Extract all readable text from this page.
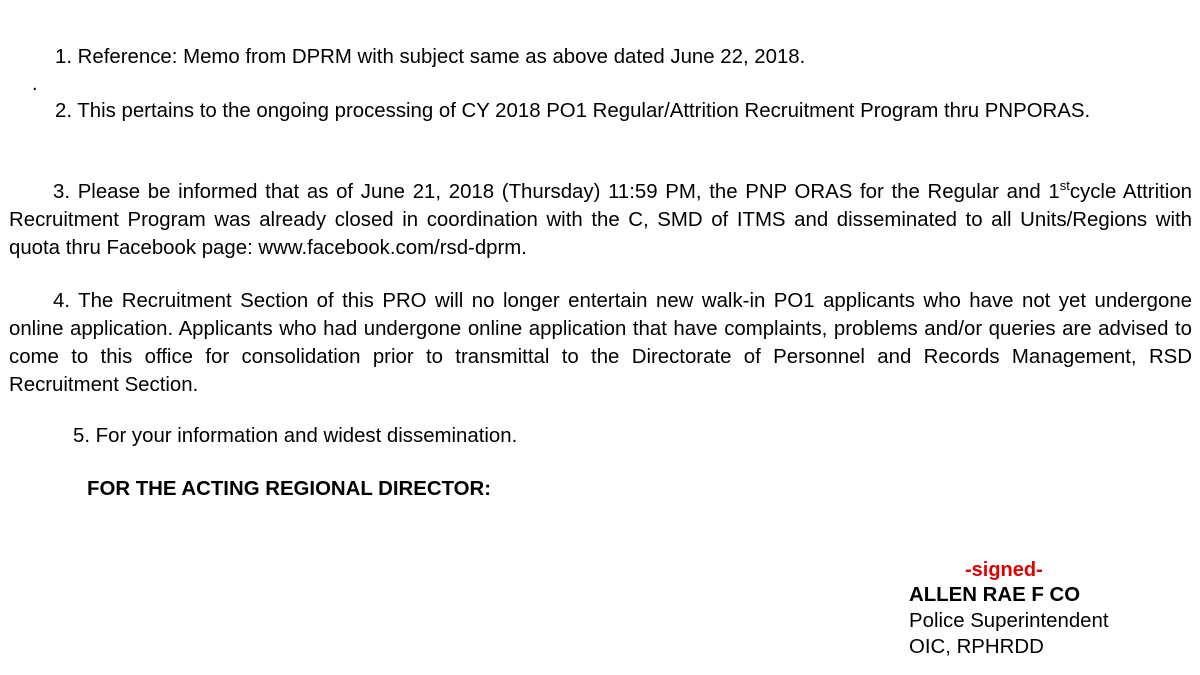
1. Reference: Memo from DPRM with subject same as above dated June 22, 2018.

.

2. This pertains to the ongoing processing of CY 2018 PO1 Regular/Attrition Recruitment Program thru PNPORAS.

3. Please be informed that as of June 21, 2018 (Thursday) 11:59 PM, the PNP ORAS for the Regular and 1stcycle Attrition Recruitment Program was already closed in coordination with the C, SMD of ITMS and disseminated to all Units/Regions with quota thru Facebook page: www.facebook.com/rsd-dprm.

4. The Recruitment Section of this PRO will no longer entertain new walk-in PO1 applicants who have not yet undergone online application. Applicants who had undergone online application that have complaints, problems and/or queries are advised to come to this office for consolidation prior to transmittal to the Directorate of Personnel and Records Management, RSD Recruitment Section.

5. For your information and widest dissemination.

FOR THE ACTING REGIONAL DIRECTOR:

-signed-
ALLEN RAE F CO
Police Superintendent
OIC, RPHRDD
